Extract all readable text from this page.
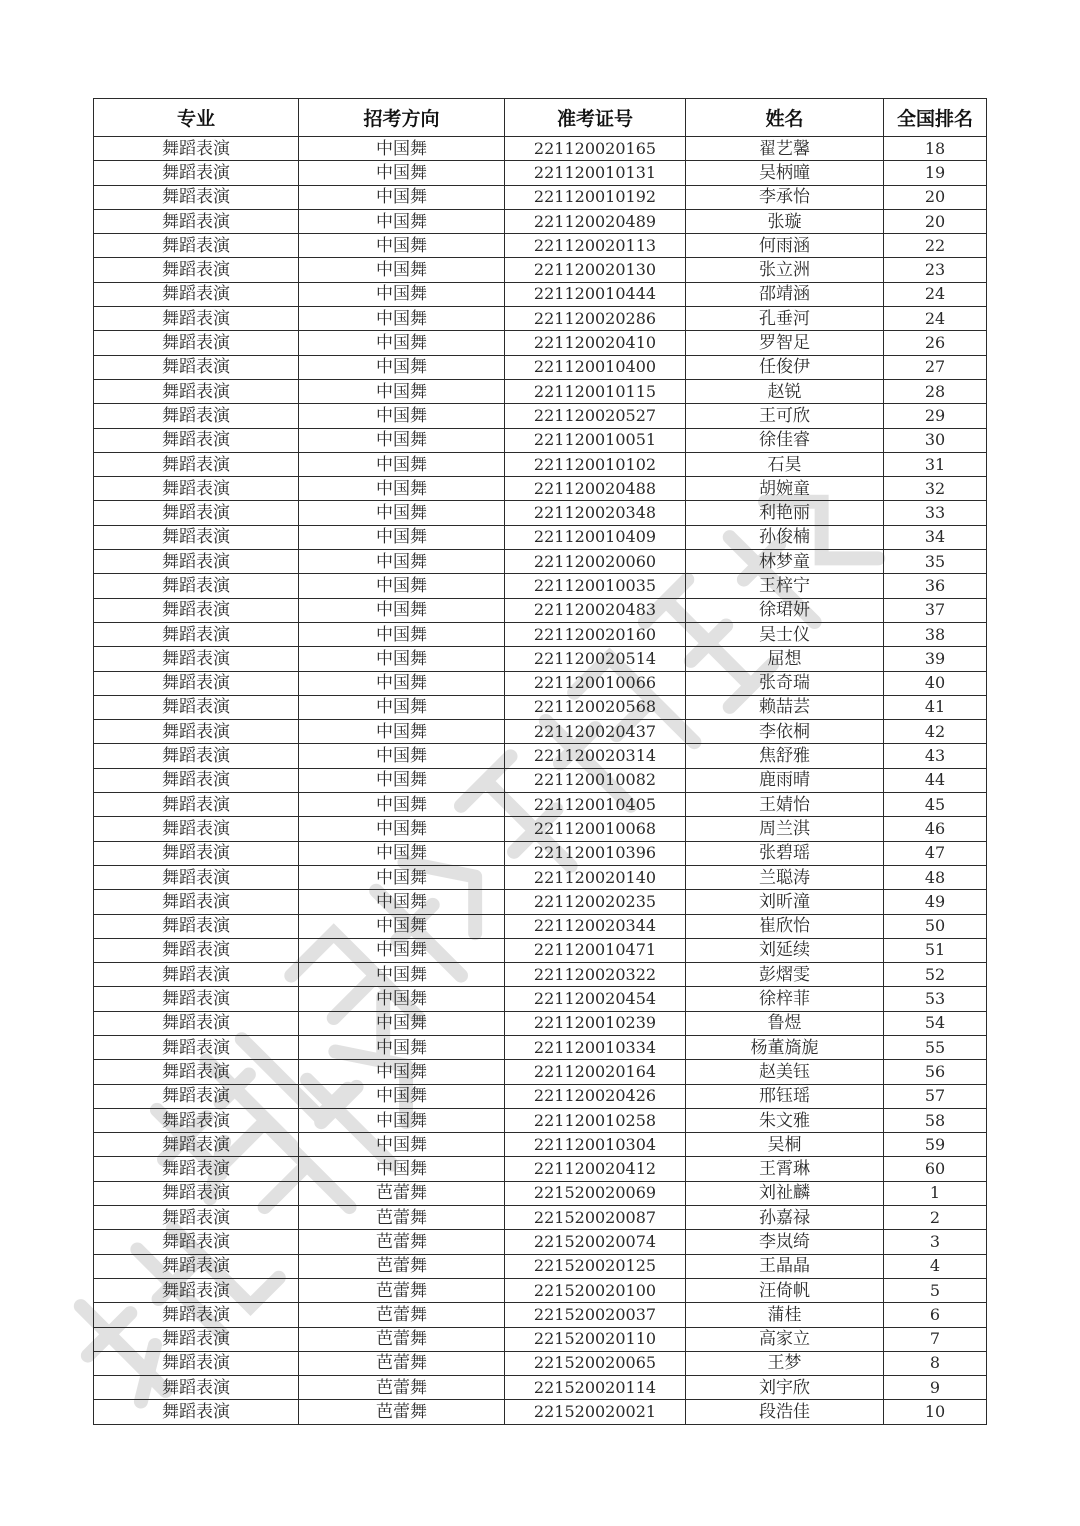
专业	招考方向	准考证号	姓名	全国排名
舞蹈表演	中国舞	221120020165	翟艺馨	18
舞蹈表演	中国舞	221120010131	吴柄曈	19
舞蹈表演	中国舞	221120010192	李承怡	20
舞蹈表演	中国舞	221120020489	张璇	20
舞蹈表演	中国舞	221120020113	何雨涵	22
舞蹈表演	中国舞	221120020130	张立洲	23
舞蹈表演	中国舞	221120010444	邵靖涵	24
舞蹈表演	中国舞	221120020286	孔垂河	24
舞蹈表演	中国舞	221120020410	罗智足	26
舞蹈表演	中国舞	221120010400	任俊伊	27
舞蹈表演	中国舞	221120010115	赵锐	28
舞蹈表演	中国舞	221120020527	王可欣	29
舞蹈表演	中国舞	221120010051	徐佳睿	30
舞蹈表演	中国舞	221120010102	石昊	31
舞蹈表演	中国舞	221120020488	胡婉童	32
舞蹈表演	中国舞	221120020348	利艳丽	33
舞蹈表演	中国舞	221120010409	孙俊楠	34
舞蹈表演	中国舞	221120020060	林梦童	35
舞蹈表演	中国舞	221120010035	王梓宁	36
舞蹈表演	中国舞	221120020483	徐珺妍	37
舞蹈表演	中国舞	221120020160	吴士仪	38
舞蹈表演	中国舞	221120020514	屈想	39
舞蹈表演	中国舞	221120010066	张奇瑞	40
舞蹈表演	中国舞	221120020568	赖喆芸	41
舞蹈表演	中国舞	221120020437	李依桐	42
舞蹈表演	中国舞	221120020314	焦舒雅	43
舞蹈表演	中国舞	221120010082	鹿雨晴	44
舞蹈表演	中国舞	221120010405	王婧怡	45
舞蹈表演	中国舞	221120010068	周兰淇	46
舞蹈表演	中国舞	221120010396	张碧瑶	47
舞蹈表演	中国舞	221120020140	兰聪涛	48
舞蹈表演	中国舞	221120020235	刘昕潼	49
舞蹈表演	中国舞	221120020344	崔欣怡	50
舞蹈表演	中国舞	221120010471	刘延续	51
舞蹈表演	中国舞	221120020322	彭熠雯	52
舞蹈表演	中国舞	221120020454	徐梓菲	53
舞蹈表演	中国舞	221120010239	鲁煜	54
舞蹈表演	中国舞	221120010334	杨董旖旎	55
舞蹈表演	中国舞	221120020164	赵美钰	56
舞蹈表演	中国舞	221120020426	邢钰瑶	57
舞蹈表演	中国舞	221120010258	朱文雅	58
舞蹈表演	中国舞	221120010304	吴桐	59
舞蹈表演	中国舞	221120020412	王霄琳	60
舞蹈表演	芭蕾舞	221520020069	刘祉麟	1
舞蹈表演	芭蕾舞	221520020087	孙嘉禄	2
舞蹈表演	芭蕾舞	221520020074	李岚绮	3
舞蹈表演	芭蕾舞	221520020125	王晶晶	4
舞蹈表演	芭蕾舞	221520020100	汪倚帆	5
舞蹈表演	芭蕾舞	221520020037	蒲桂	6
舞蹈表演	芭蕾舞	221520020110	高家立	7
舞蹈表演	芭蕾舞	221520020065	王梦	8
舞蹈表演	芭蕾舞	221520020114	刘宇欣	9
舞蹈表演	芭蕾舞	221520020021	段浩佳	10
